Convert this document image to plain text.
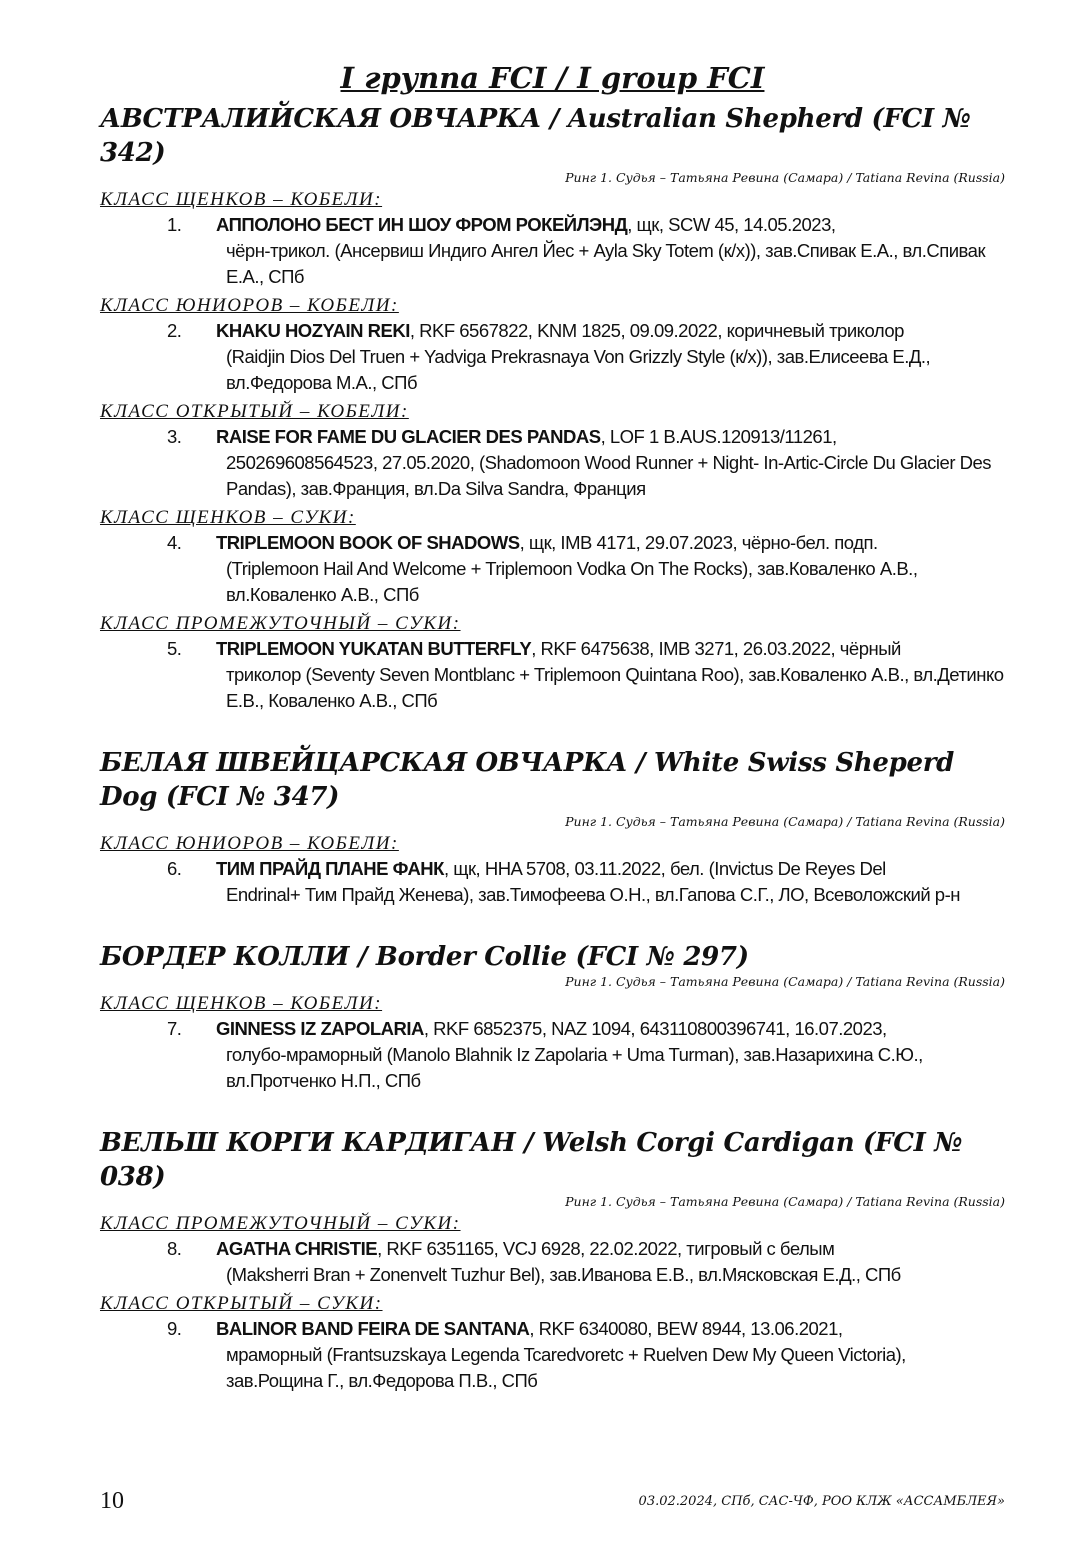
I группа FCI / I group FCI
АВСТРАЛИЙСКАЯ ОВЧАРКА / Australian Shepherd (FCI № 342)
Ринг 1. Судья – Татьяна Ревина (Самара) / Tatiana Revina (Russia)
КЛАСС ЩЕНКОВ – КОБЕЛИ:
1. АППОЛОНО БЕСТ ИН ШОУ ФРОМ РОКЕЙЛЭНД, щк, SCW 45, 14.05.2023,
чёрн-трикол. (Ансервиш Индиго Ангел Йес + Ayla Sky Totem (к/х)), зав.Спивак Е.А., вл.Спивак Е.А., СПб
КЛАСС ЮНИОРОВ – КОБЕЛИ:
2. KHAKU HOZYAIN REKI, RKF 6567822, KNM 1825, 09.09.2022, коричневый триколор
(Raidjin Dios Del Truen + Yadviga Prekrasnaya Von Grizzly Style (к/х)), зав.Елисеева Е.Д., вл.Федорова М.А., СПб
КЛАСС ОТКРЫТЫЙ – КОБЕЛИ:
3. RAISE FOR FAME DU GLACIER DES PANDAS, LOF 1 B.AUS.120913/11261,
250269608564523, 27.05.2020, (Shadomoon Wood Runner + Night- In-Artic-Circle Du Glacier Des Pandas), зав.Франция, вл.Da Silva Sandra, Франция
КЛАСС ЩЕНКОВ – СУКИ:
4. TRIPLEMOON BOOK OF SHADOWS, щк, IMB 4171, 29.07.2023, чёрно-бел. подп.
(Triplemoon Hail And Welcome + Triplemoon Vodka On The Rocks), зав.Коваленко А.В., вл.Коваленко А.В., СПб
КЛАСС ПРОМЕЖУТОЧНЫЙ – СУКИ:
5. TRIPLEMOON YUKATAN BUTTERFLY, RKF 6475638, IMB 3271, 26.03.2022, чёрный
триколор (Seventy Seven Montblanc + Triplemoon Quintana Roo), зав.Коваленко А.В., вл.Детинко Е.В., Коваленко А.В., СПб
БЕЛАЯ ШВЕЙЦАРСКАЯ ОВЧАРКА / White Swiss Sheperd Dog (FCI № 347)
Ринг 1. Судья – Татьяна Ревина (Самара) / Tatiana Revina (Russia)
КЛАСС ЮНИОРОВ – КОБЕЛИ:
6. ТИМ ПРАЙД ПЛАНЕ ФАНК, щк, HHA 5708, 03.11.2022, бел. (Invictus De Reyes Del
Endrinal+ Тим Прайд Женева), зав.Тимофеева О.Н., вл.Гапова С.Г., ЛО, Всеволожский р-н
БОРДЕР КОЛЛИ / Border Collie (FCI № 297)
Ринг 1. Судья – Татьяна Ревина (Самара) / Tatiana Revina (Russia)
КЛАСС ЩЕНКОВ – КОБЕЛИ:
7. GINNESS IZ ZAPOLARIA, RKF 6852375, NAZ 1094, 643110800396741, 16.07.2023,
голубо-мраморный (Manolo Blahnik Iz Zapolaria + Uma Turman), зав.Назарихина С.Ю., вл.Протченко Н.П., СПб
ВЕЛЬШ КОРГИ КАРДИГАН / Welsh Corgi Cardigan (FCI № 038)
Ринг 1. Судья – Татьяна Ревина (Самара) / Tatiana Revina (Russia)
КЛАСС ПРОМЕЖУТОЧНЫЙ – СУКИ:
8. AGATHA CHRISTIE, RKF 6351165, VCJ 6928, 22.02.2022, тигровый с белым
(Maksherri Bran + Zonenvelt Tuzhur Bel), зав.Иванова Е.В., вл.Мясковская Е.Д., СПб
КЛАСС ОТКРЫТЫЙ – СУКИ:
9. BALINOR BAND FEIRA DE SANTANA, RKF 6340080, BEW 8944, 13.06.2021,
мраморный (Frantsuzskaya Legenda Tcaredvoretc + Ruelven Dew My Queen Victoria), зав.Рощина Г., вл.Федорова П.В., СПб
10	03.02.2024, СПб, САС-ЧФ, РОО КЛЖ «АССАМБЛЕЯ»
